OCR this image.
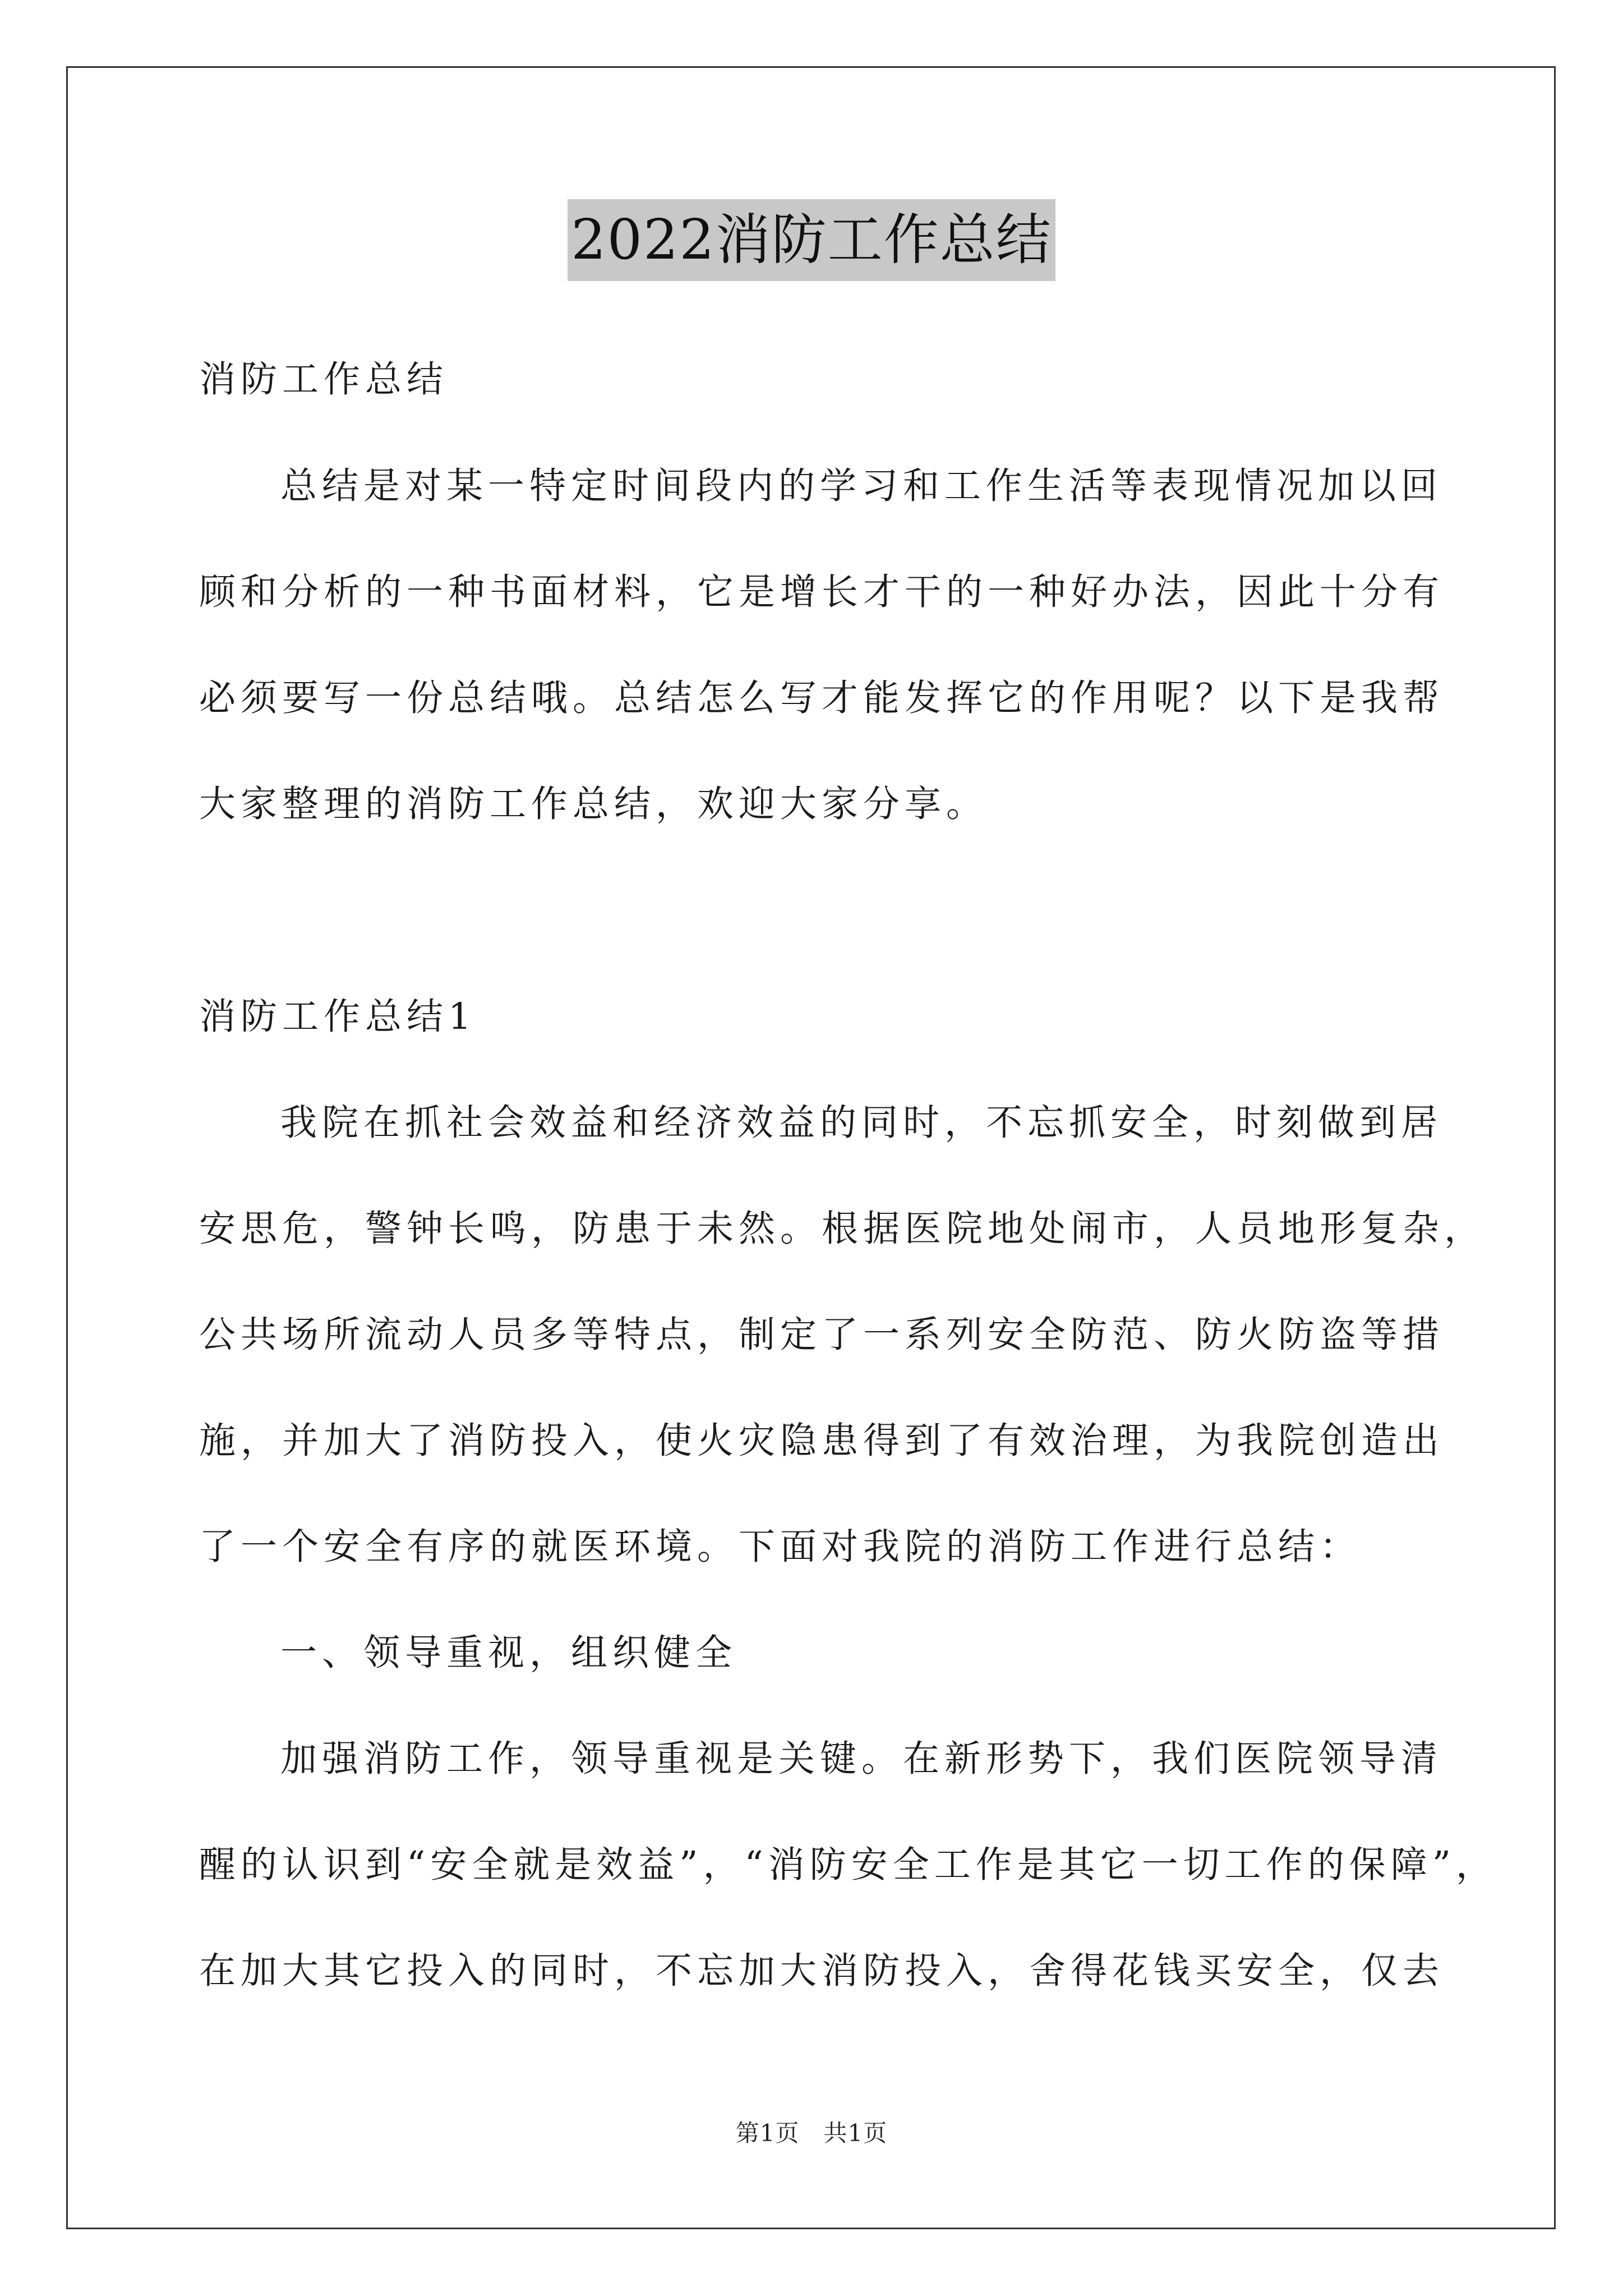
2022消防工作总结
消防工作总结
总结是对某一特定时间段内的学习和工作生活等表现情况加以回
顾和分析的一种书面材料，它是增长才干的一种好办法，因此十分有
必须要写一份总结哦。总结怎么写才能发挥它的作用呢？以下是我帮
大家整理的消防工作总结，欢迎大家分享。
消防工作总结1
我院在抓社会效益和经济效益的同时，不忘抓安全，时刻做到居
安思危，警钟长鸣，防患于未然。根据医院地处闹市，人员地形复杂，
公共场所流动人员多等特点，制定了一系列安全防范、防火防盗等措
施，并加大了消防投入，使火灾隐患得到了有效治理，为我院创造出
了一个安全有序的就医环境。下面对我院的消防工作进行总结：
一、领导重视，组织健全
加强消防工作，领导重视是关键。在新形势下，我们医院领导清
醒的认识到“安全就是效益”，“消防安全工作是其它一切工作的保障”，
在加大其它投入的同时，不忘加大消防投入，舍得花钱买安全，仅去
第1页　共1页
